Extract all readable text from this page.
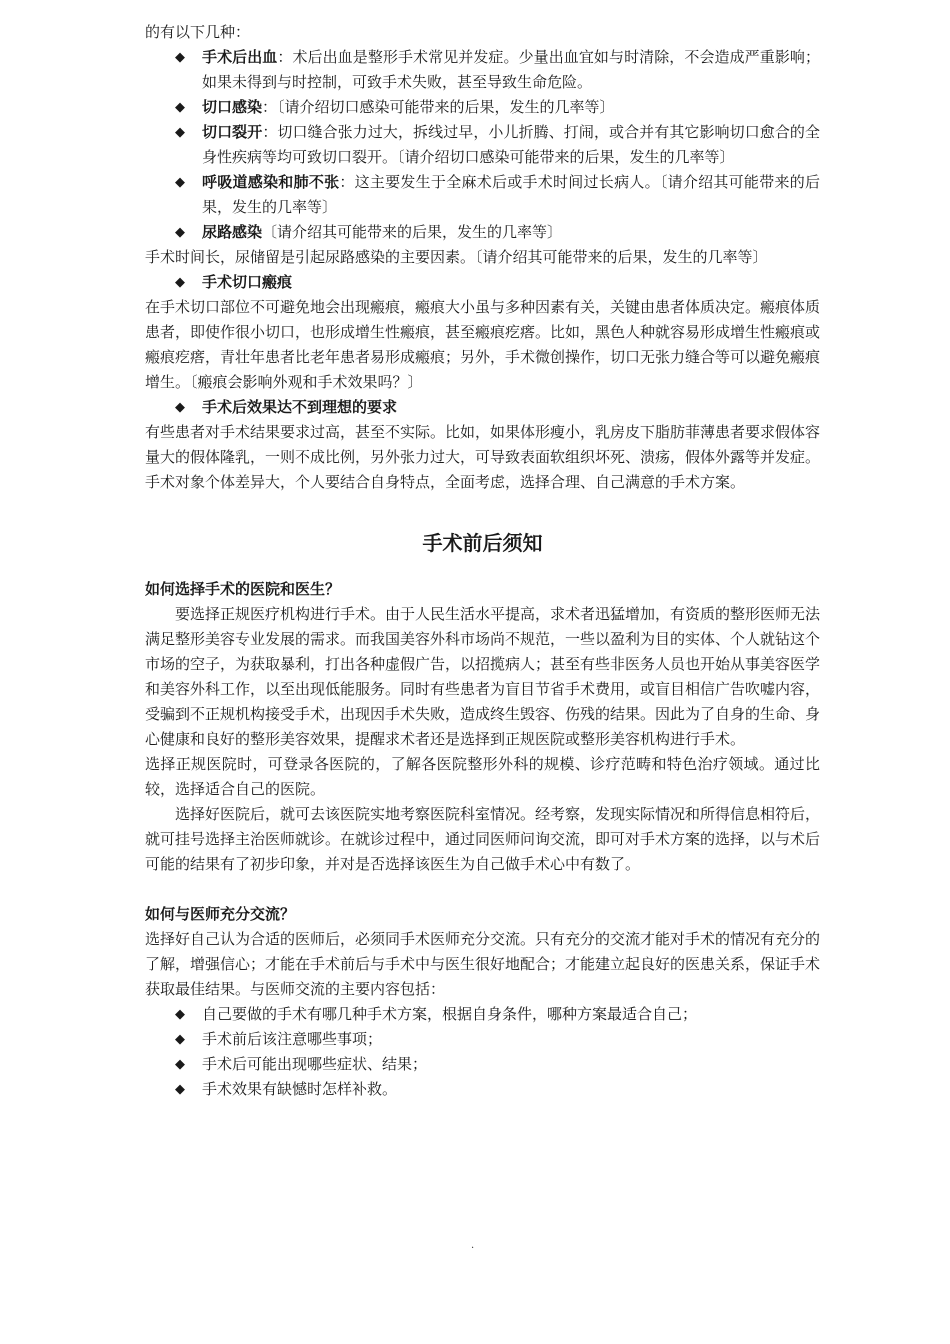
的有以下几种：

◆ 手术后出血：术后出血是整形手术常见并发症。少量出血宜如与时清除，不会造成严重影响；如果未得到与时控制，可致手术失败，甚至导致生命危险。
◆ 切口感染：〔请介绍切口感染可能带来的后果，发生的几率等〕
◆ 切口裂开：切口缝合张力过大，拆线过早，小儿折腾、打闹，或合并有其它影响切口愈合的全身性疾病等均可致切口裂开。〔请介绍切口感染可能带来的后果，发生的几率等〕
◆ 呼吸道感染和肺不张：这主要发生于全麻术后或手术时间过长病人。〔请介绍其可能带来的后果，发生的几率等〕
◆ 尿路感染〔请介绍其可能带来的后果，发生的几率等〕

手术时间长，尿储留是引起尿路感染的主要因素。〔请介绍其可能带来的后果，发生的几率等〕

◆ 手术切口瘢痕

在手术切口部位不可避免地会出现瘢痕，瘢痕大小虽与多种因素有关，关键由患者体质决定。瘢痕体质患者，即使作很小切口，也形成增生性瘢痕，甚至瘢痕疙瘩。比如，黑色人种就容易形成增生性瘢痕或瘢痕疙瘩，青壮年患者比老年患者易形成瘢痕；另外，手术微创操作，切口无张力缝合等可以避免瘢痕增生。〔瘢痕会影响外观和手术效果吗？〕

◆ 手术后效果达不到理想的要求

有些患者对手术结果要求过高，甚至不实际。比如，如果体形瘦小，乳房皮下脂肪菲薄患者要求假体容量大的假体隆乳，一则不成比例，另外张力过大，可导致表面软组织坏死、溃疡，假体外露等并发症。手术对象个体差异大，个人要结合自身特点，全面考虑，选择合理、自己满意的手术方案。

手术前后须知
如何选择手术的医院和医生？

要选择正规医疗机构进行手术。由于人民生活水平提高，求术者迅猛增加，有资质的整形医师无法满足整形美容专业发展的需求。而我国美容外科市场尚不规范，一些以盈利为目的实体、个人就钻这个市场的空子，为获取暴利，打出各种虚假广告，以招揽病人；甚至有些非医务人员也开始从事美容医学和美容外科工作，以至出现低能服务。同时有些患者为盲目节省手术费用，或盲目相信广告吹嘘内容，受骗到不正规机构接受手术，出现因手术失败，造成终生毁容、伤残的结果。因此为了自身的生命、身心健康和良好的整形美容效果，提醒求术者还是选择到正规医院或整形美容机构进行手术。

选择正规医院时，可登录各医院的，了解各医院整形外科的规模、诊疗范畴和特色治疗领域。通过比较，选择适合自己的医院。

选择好医院后，就可去该医院实地考察医院科室情况。经考察，发现实际情况和所得信息相符后，就可挂号选择主治医师就诊。在就诊过程中，通过同医师问询交流，即可对手术方案的选择，以与术后可能的结果有了初步印象，并对是否选择该医生为自己做手术心中有数了。

如何与医师充分交流？

选择好自己认为合适的医师后，必须同手术医师充分交流。只有充分的交流才能对手术的情况有充分的了解，增强信心；才能在手术前后与手术中与医生很好地配合；才能建立起良好的医患关系，保证手术获取最佳结果。与医师交流的主要内容包括：

◆ 自己要做的手术有哪几种手术方案，根据自身条件，哪种方案最适合自己；
◆ 手术前后该注意哪些事项；
◆ 手术后可能出现哪些症状、结果；
◆ 手术效果有缺憾时怎样补救。
.
